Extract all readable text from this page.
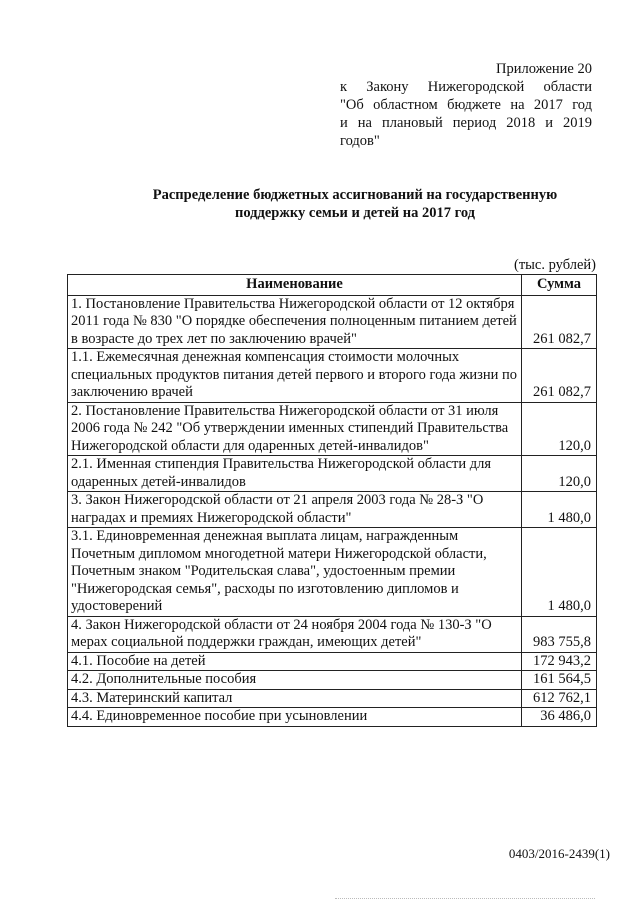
Приложение 20
к Закону Нижегородской области
"Об областном бюджете на 2017 год
и на плановый период 2018 и 2019
годов"
Распределение бюджетных ассигнований на государственную
поддержку семьи и детей на 2017 год
(тыс. рублей)
Наименование	Сумма
1. Постановление Правительства Нижегородской области от 12 октября 2011 года № 830 "О порядке обеспечения полноценным питанием детей в возрасте до трех лет по заключению врачей"	261 082,7
1.1. Ежемесячная денежная компенсация стоимости молочных специальных продуктов питания детей первого и второго года жизни по заключению врачей	261 082,7
2. Постановление Правительства Нижегородской области от 31 июля 2006 года № 242 "Об утверждении именных стипендий Правительства Нижегородской области для одаренных детей-инвалидов"	120,0
2.1. Именная стипендия Правительства Нижегородской области для одаренных детей-инвалидов	120,0
3. Закон Нижегородской области от 21 апреля 2003 года № 28-З "О наградах и премиях Нижегородской области"	1 480,0
3.1. Единовременная денежная выплата лицам, награжденным Почетным дипломом многодетной матери Нижегородской области, Почетным знаком "Родительская слава", удостоенным премии "Нижегородская семья", расходы по изготовлению дипломов и удостоверений	1 480,0
4. Закон Нижегородской области от 24 ноября 2004 года № 130-З "О мерах социальной поддержки граждан, имеющих детей"	983 755,8
4.1. Пособие на детей	172 943,2
4.2. Дополнительные пособия	161 564,5
4.3. Материнский капитал	612 762,1
4.4. Единовременное пособие при усыновлении	36 486,0
0403/2016-2439(1)
